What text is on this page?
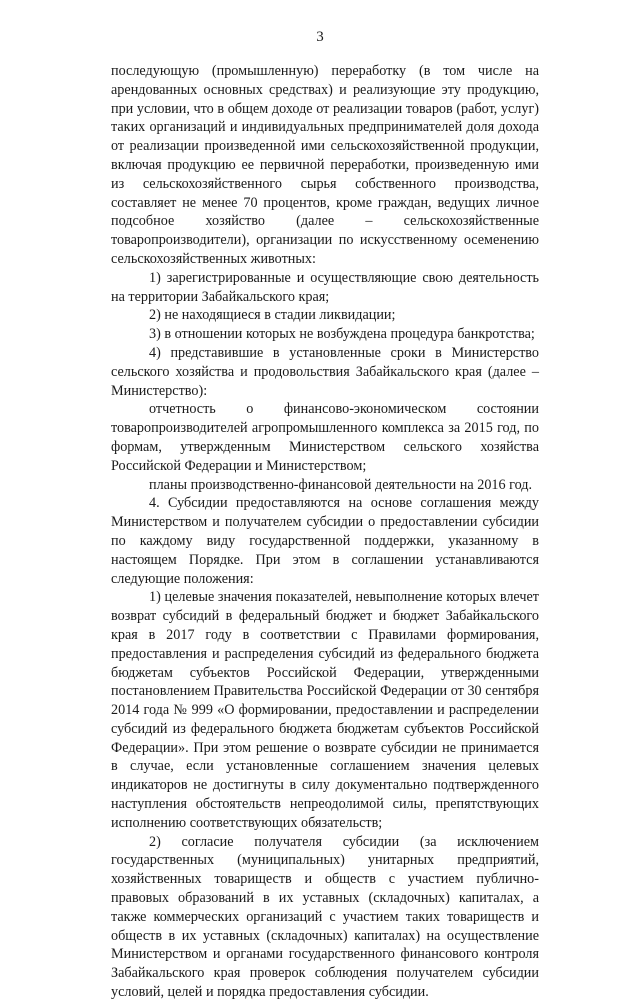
3

последующую (промышленную) переработку (в том числе на арендованных основных средствах) и реализующие эту продукцию, при условии, что в общем доходе от реализации товаров (работ, услуг) таких организаций и индивидуальных предпринимателей доля дохода от реализации произведенной ими сельскохозяйственной продукции, включая продукцию ее первичной переработки, произведенную ими из сельскохозяйственного сырья собственного производства, составляет не менее 70 процентов, кроме граждан, ведущих личное подсобное хозяйство (далее – сельскохозяйственные товаропроизводители), организации по искусственному осеменению сельскохозяйственных животных:

1) зарегистрированные и осуществляющие свою деятельность на территории Забайкальского края;

2) не находящиеся в стадии ликвидации;

3) в отношении которых не возбуждена процедура банкротства;

4) представившие в установленные сроки в Министерство сельского хозяйства и продовольствия Забайкальского края (далее – Министерство):

отчетность о финансово-экономическом состоянии товаропроизводителей агропромышленного комплекса за 2015 год, по формам, утвержденным Министерством сельского хозяйства Российской Федерации и Министерством;

планы производственно-финансовой деятельности на 2016 год.

4. Субсидии предоставляются на основе соглашения между Министерством и получателем субсидии о предоставлении субсидии по каждому виду государственной поддержки, указанному в настоящем Порядке. При этом в соглашении устанавливаются следующие положения:

1) целевые значения показателей, невыполнение которых влечет возврат субсидий в федеральный бюджет и бюджет Забайкальского края в 2017 году в соответствии с Правилами формирования, предоставления и распределения субсидий из федерального бюджета бюджетам субъектов Российской Федерации, утвержденными постановлением Правительства Российской Федерации от 30 сентября 2014 года № 999 «О формировании, предоставлении и распределении субсидий из федерального бюджета бюджетам субъектов Российской Федерации». При этом решение о возврате субсидии не принимается в случае, если установленные соглашением значения целевых индикаторов не достигнуты в силу документально подтвержденного наступления обстоятельств непреодолимой силы, препятствующих исполнению соответствующих обязательств;

2) согласие получателя субсидии (за исключением государственных (муниципальных) унитарных предприятий, хозяйственных товариществ и обществ с участием публично-правовых образований в их уставных (складочных) капиталах, а также коммерческих организаций с участием таких товариществ и обществ в их уставных (складочных) капиталах) на осуществление Министерством и органами государственного финансового контроля Забайкальского края проверок соблюдения получателем субсидии условий, целей и порядка предоставления субсидии.
